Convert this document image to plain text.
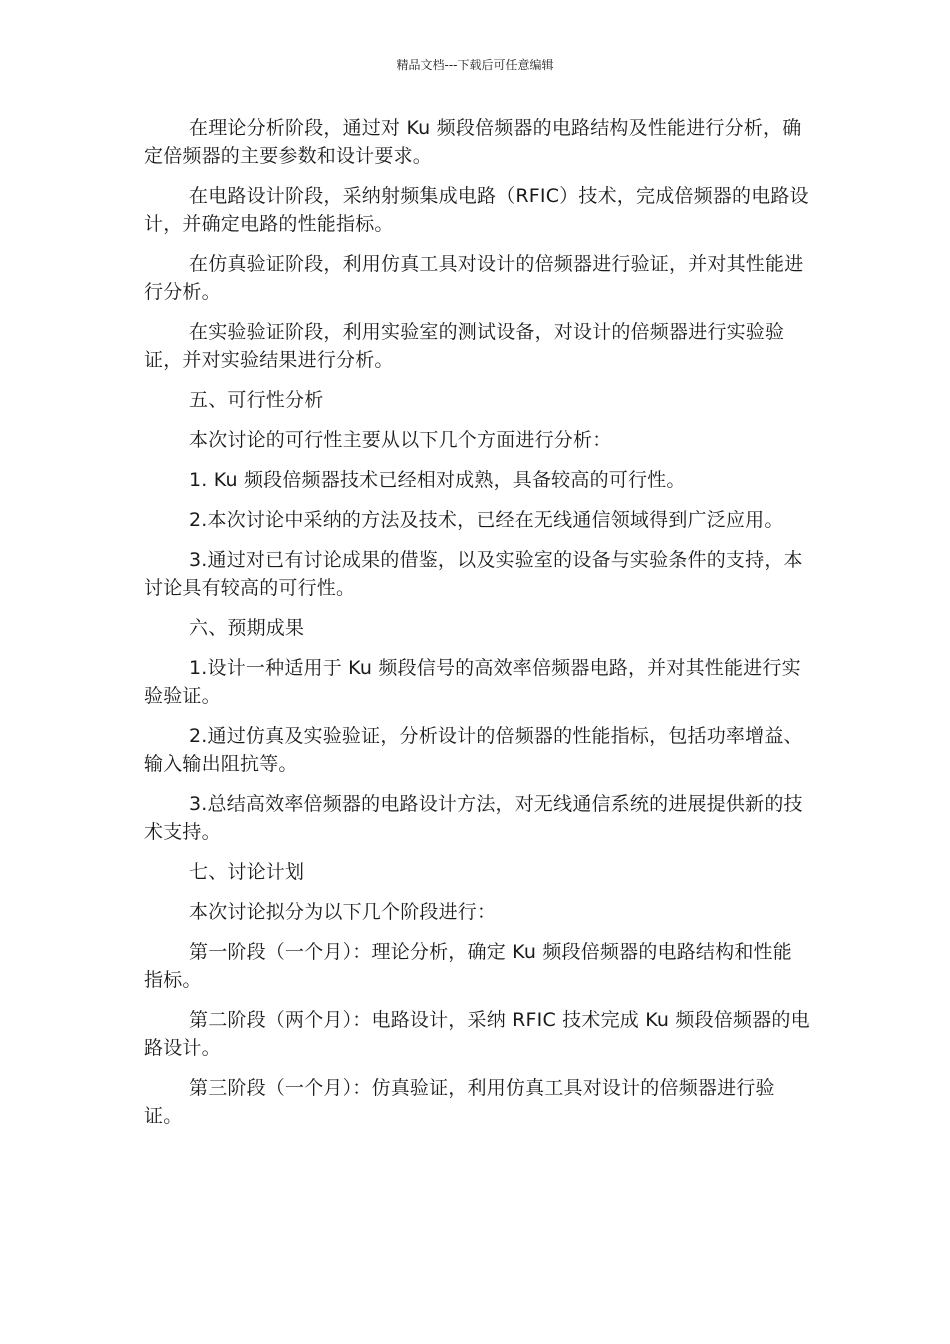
精品文档---下载后可任意编辑

在理论分析阶段，通过对 Ku 频段倍频器的电路结构及性能进行分析，确定倍频器的主要参数和设计要求。

在电路设计阶段，采纳射频集成电路（RFIC）技术，完成倍频器的电路设计，并确定电路的性能指标。

在仿真验证阶段，利用仿真工具对设计的倍频器进行验证，并对其性能进行分析。

在实验验证阶段，利用实验室的测试设备，对设计的倍频器进行实验验证，并对实验结果进行分析。

五、可行性分析

本次讨论的可行性主要从以下几个方面进行分析：

1. Ku 频段倍频器技术已经相对成熟，具备较高的可行性。

2.本次讨论中采纳的方法及技术，已经在无线通信领域得到广泛应用。

3.通过对已有讨论成果的借鉴，以及实验室的设备与实验条件的支持，本讨论具有较高的可行性。

六、预期成果

1.设计一种适用于 Ku 频段信号的高效率倍频器电路，并对其性能进行实验验证。

2.通过仿真及实验验证，分析设计的倍频器的性能指标，包括功率增益、输入输出阻抗等。

3.总结高效率倍频器的电路设计方法，对无线通信系统的进展提供新的技术支持。

七、讨论计划

本次讨论拟分为以下几个阶段进行：

第一阶段（一个月）：理论分析，确定 Ku 频段倍频器的电路结构和性能指标。

第二阶段（两个月）：电路设计，采纳 RFIC 技术完成 Ku 频段倍频器的电路设计。

第三阶段（一个月）：仿真验证，利用仿真工具对设计的倍频器进行验证。
